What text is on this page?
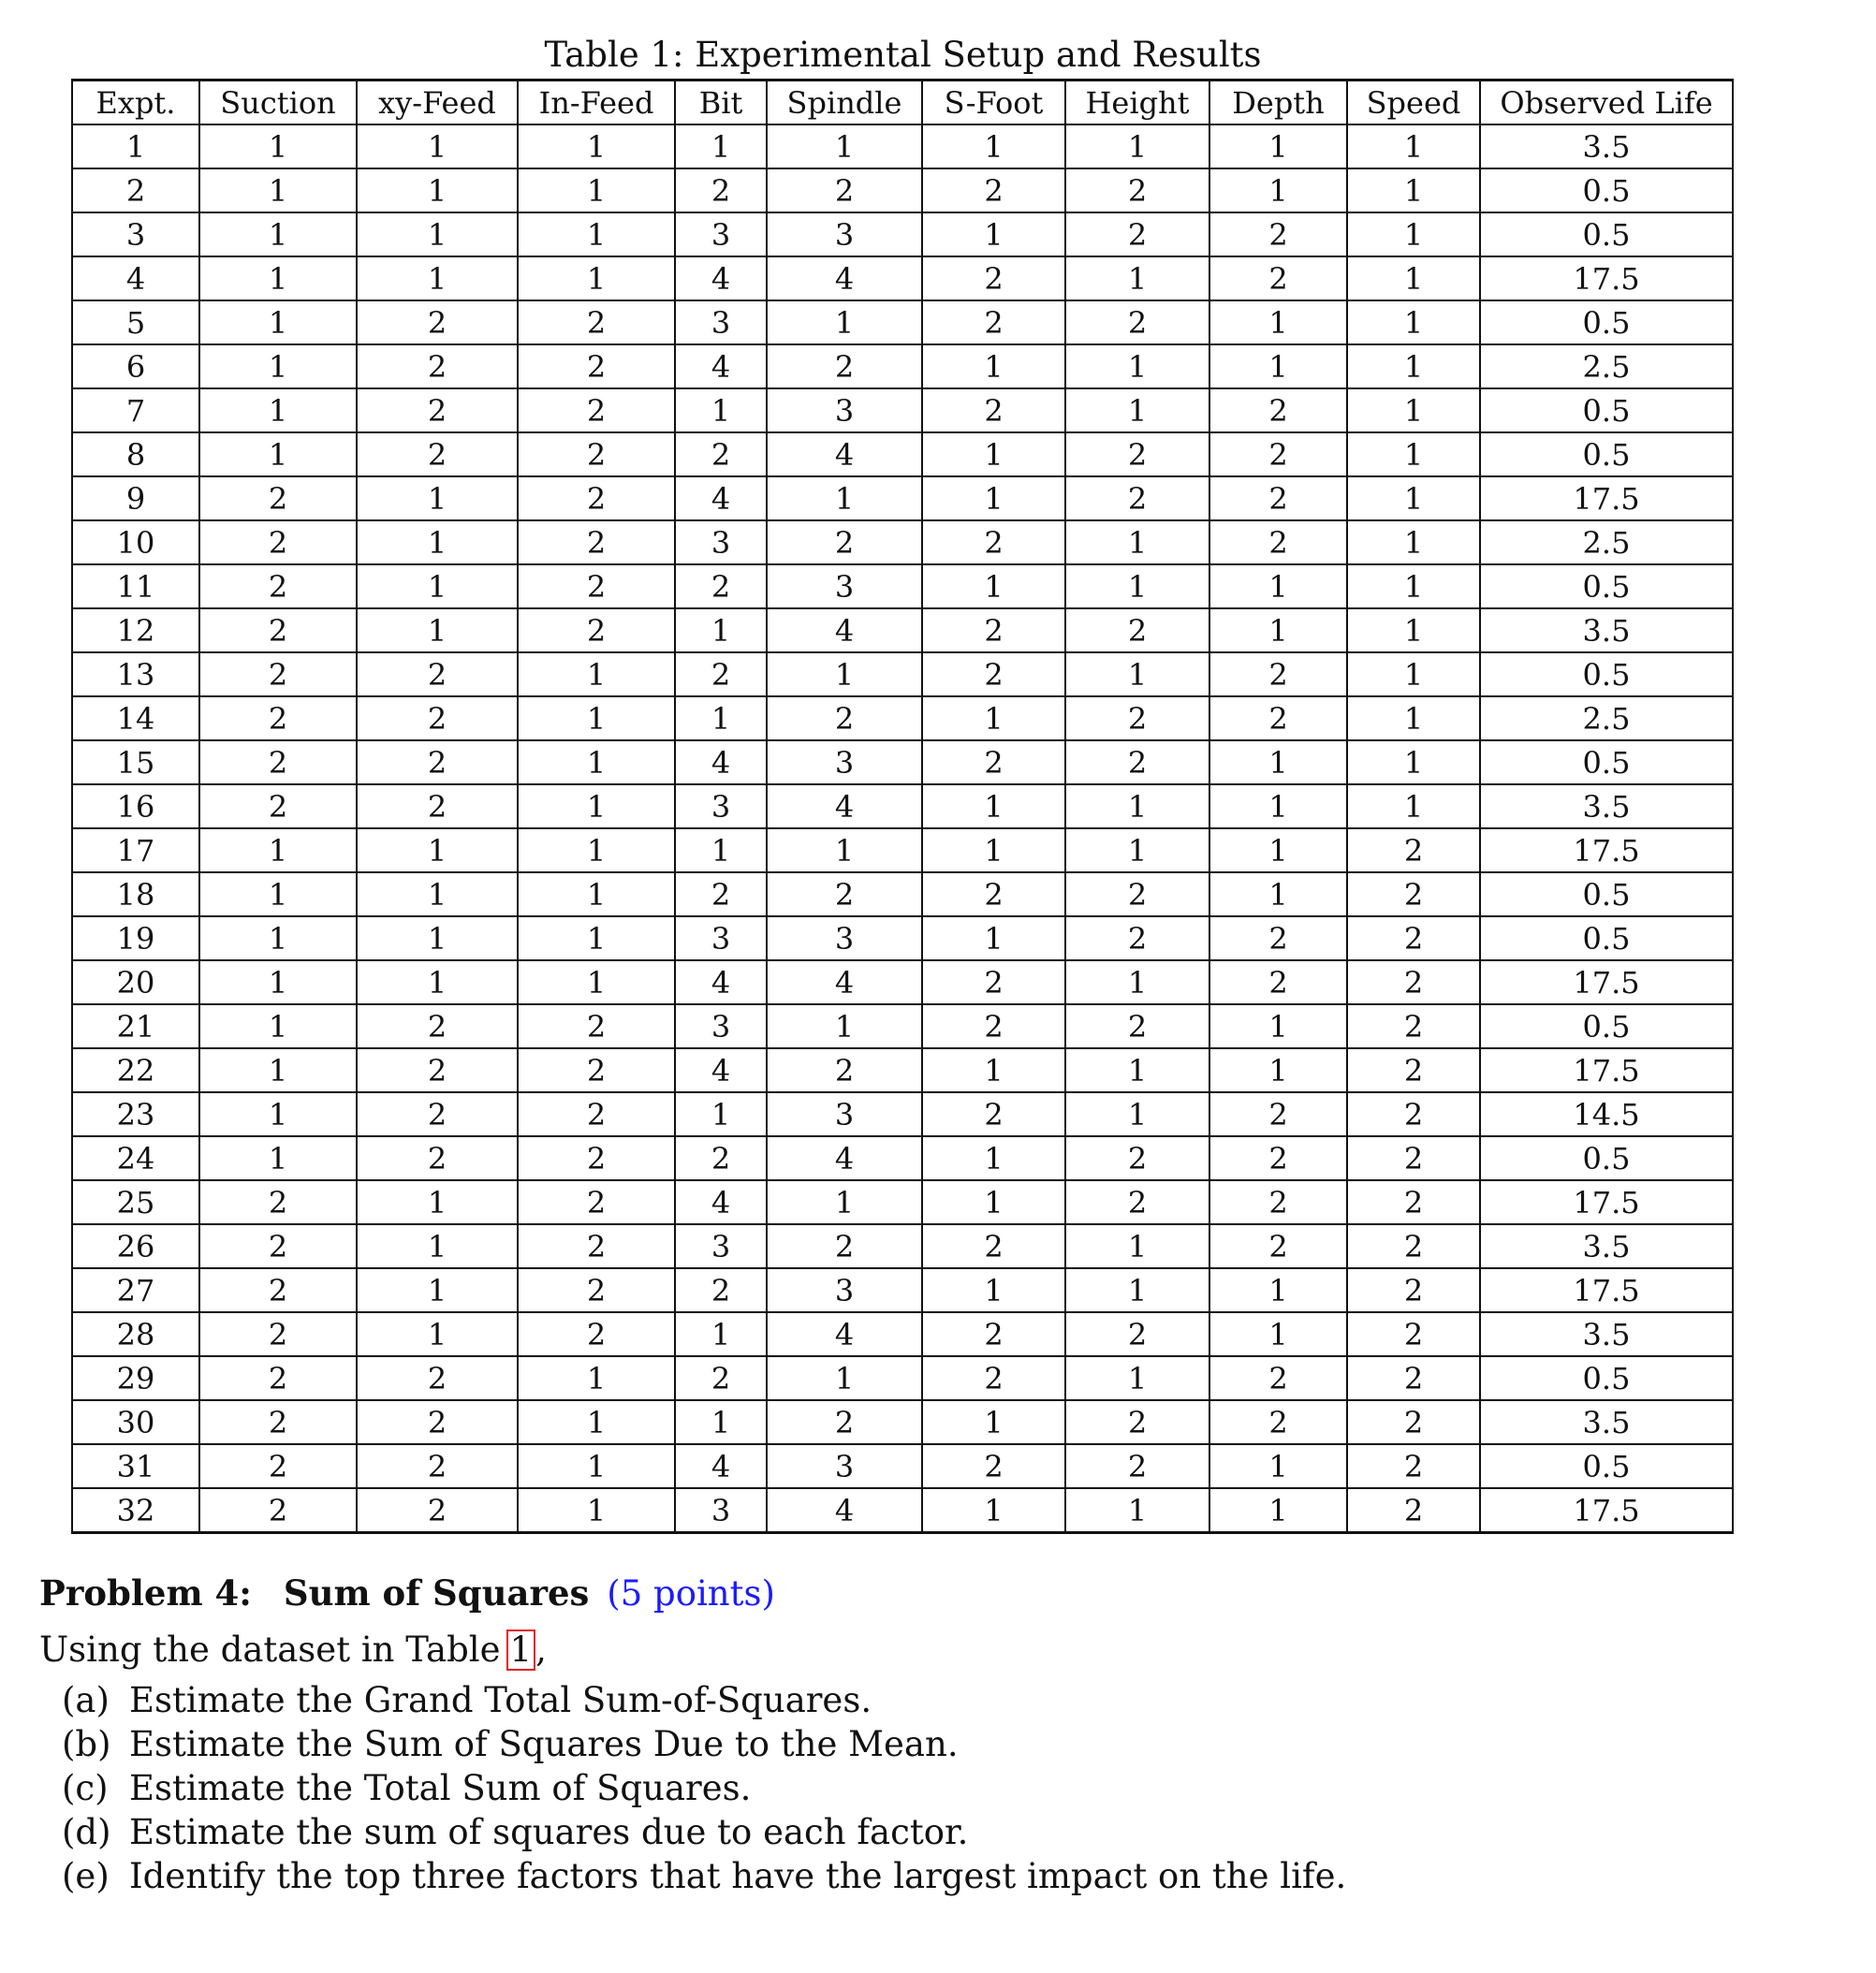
Table 1: Experimental Setup and Results
Expt.	Suction	xy-Feed	In-Feed	Bit	Spindle	S-Foot	Height	Depth	Speed	Observed Life
1	1	1	1	1	1	1	1	1	1	3.5
2	1	1	1	2	2	2	2	1	1	0.5
3	1	1	1	3	3	1	2	2	1	0.5
4	1	1	1	4	4	2	1	2	1	17.5
5	1	2	2	3	1	2	2	1	1	0.5
6	1	2	2	4	2	1	1	1	1	2.5
7	1	2	2	1	3	2	1	2	1	0.5
8	1	2	2	2	4	1	2	2	1	0.5
9	2	1	2	4	1	1	2	2	1	17.5
10	2	1	2	3	2	2	1	2	1	2.5
11	2	1	2	2	3	1	1	1	1	0.5
12	2	1	2	1	4	2	2	1	1	3.5
13	2	2	1	2	1	2	1	2	1	0.5
14	2	2	1	1	2	1	2	2	1	2.5
15	2	2	1	4	3	2	2	1	1	0.5
16	2	2	1	3	4	1	1	1	1	3.5
17	1	1	1	1	1	1	1	1	2	17.5
18	1	1	1	2	2	2	2	1	2	0.5
19	1	1	1	3	3	1	2	2	2	0.5
20	1	1	1	4	4	2	1	2	2	17.5
21	1	2	2	3	1	2	2	1	2	0.5
22	1	2	2	4	2	1	1	1	2	17.5
23	1	2	2	1	3	2	1	2	2	14.5
24	1	2	2	2	4	1	2	2	2	0.5
25	2	1	2	4	1	1	2	2	2	17.5
26	2	1	2	3	2	2	1	2	2	3.5
27	2	1	2	2	3	1	1	1	2	17.5
28	2	1	2	1	4	2	2	1	2	3.5
29	2	2	1	2	1	2	1	2	2	0.5
30	2	2	1	1	2	1	2	2	2	3.5
31	2	2	1	4	3	2	2	1	2	0.5
32	2	2	1	3	4	1	1	1	2	17.5
Problem 4: Sum of Squares (5 points)
Using the dataset in Table 1 ,
(a) Estimate the Grand Total Sum-of-Squares.
(b) Estimate the Sum of Squares Due to the Mean.
(c) Estimate the Total Sum of Squares.
(d) Estimate the sum of squares due to each factor.
(e) Identify the top three factors that have the largest impact on the life.
